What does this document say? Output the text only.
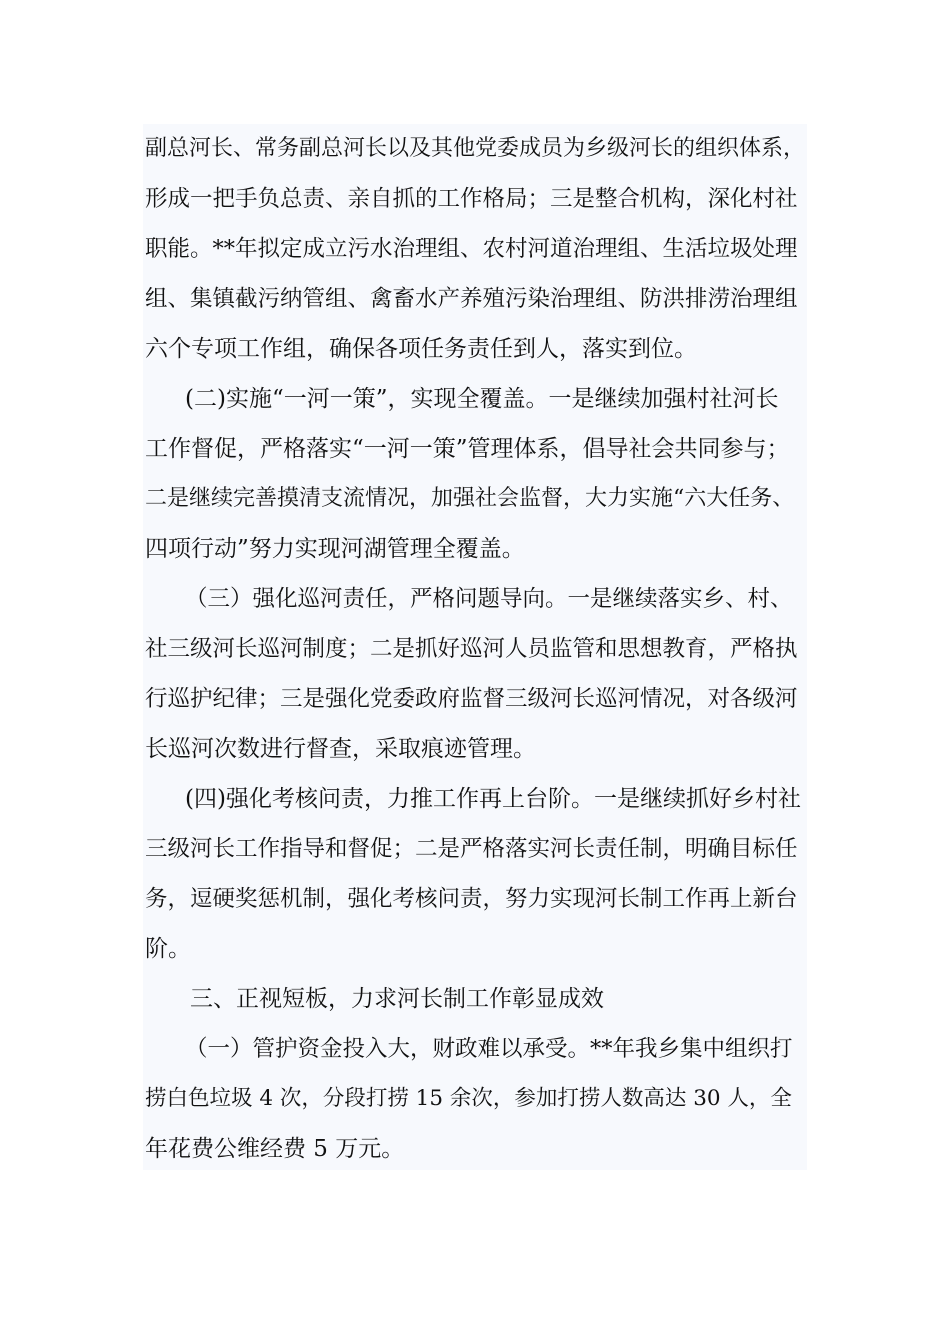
副总河长、常务副总河长以及其他党委成员为乡级河长的组织体系，
形成一把手负总责、亲自抓的工作格局；三是整合机构，深化村社
职能。**年拟定成立污水治理组、农村河道治理组、生活垃圾处理
组、集镇截污纳管组、禽畜水产养殖污染治理组、防洪排涝治理组
六个专项工作组，确保各项任务责任到人，落实到位。
(二)实施“一河一策”，实现全覆盖。一是继续加强村社河长
工作督促，严格落实“一河一策”管理体系，倡导社会共同参与；
二是继续完善摸清支流情况，加强社会监督，大力实施“六大任务、
四项行动”努力实现河湖管理全覆盖。
（三）强化巡河责任，严格问题导向。一是继续落实乡、村、
社三级河长巡河制度；二是抓好巡河人员监管和思想教育，严格执
行巡护纪律；三是强化党委政府监督三级河长巡河情况，对各级河
长巡河次数进行督查，采取痕迹管理。
(四)强化考核问责，力推工作再上台阶。一是继续抓好乡村社
三级河长工作指导和督促；二是严格落实河长责任制，明确目标任
务，逗硬奖惩机制，强化考核问责，努力实现河长制工作再上新台
阶。
三、正视短板，力求河长制工作彰显成效
（一）管护资金投入大，财政难以承受。**年我乡集中组织打
捞白色垃圾 4 次，分段打捞 15 余次，参加打捞人数高达 30 人，全
年花费公维经费 5 万元。
